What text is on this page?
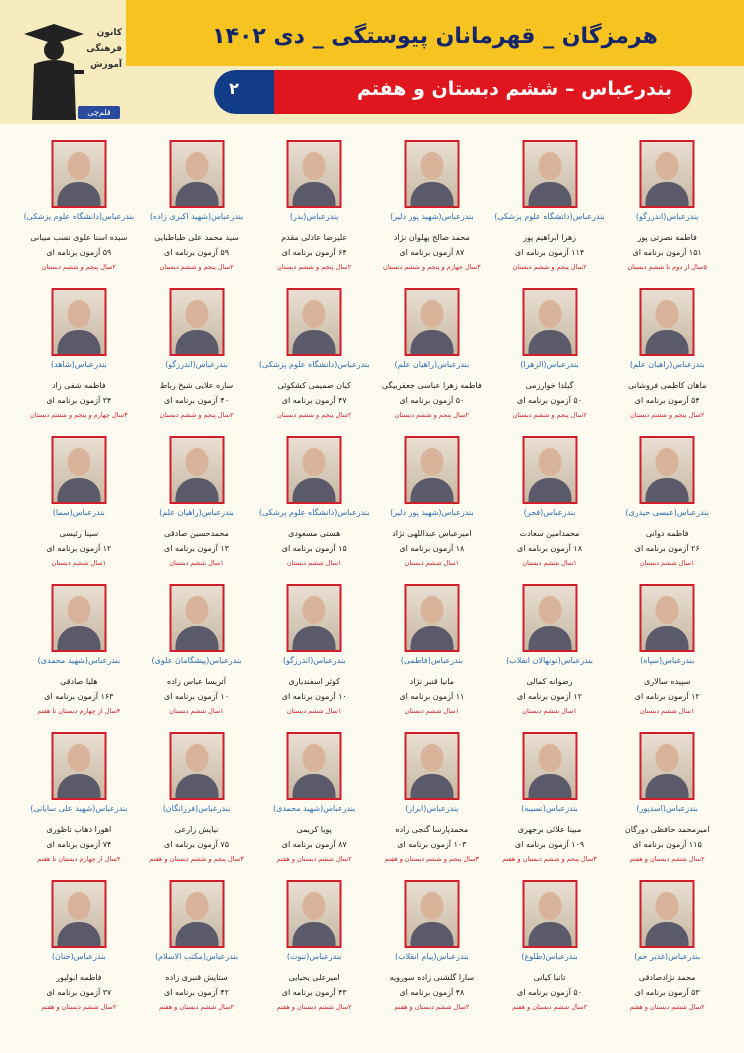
هرمزگان _ قهرمانان پیوستگی _ دی ۱۴۰۲
بندرعباس – ششم دبستان و هفتم
۲
کانون
فرهنگی
آموزش
قلم‌چی
بندرعباس(اندرزگو)
فاطمه نصرتی پور
۱۵۱ آزمون برنامه ای
۵سال از دوم تا ششم دبستان
بندرعباس(دانشگاه علوم پزشکی)
زهرا ابراهیم پور
۱۱۴ آزمون برنامه ای
۲سال پنجم و ششم دبستان
بندرعباس(شهید پور دلیر)
محمد صالح پهلوان نژاد
۸۷ آزمون برنامه ای
۳سال چهارم و پنجم و ششم دبستان
بندرعباس(بدر)
علیرضا عادلی مقدم
۶۴ آزمون برنامه ای
۲سال پنجم و ششم دبستان
بندرعباس(شهید اکبری زاده)
سید محمد علی طباطبایی
۵۹ آزمون برنامه ای
۲سال پنجم و ششم دبستان
بندرعباس(دانشگاه علوم پزشکی)
سیده اسنا علوی نسب میبانی
۵۹ آزمون برنامه ای
۲سال پنجم و ششم دبستان
بندرعباس(راهیان علم)
ماهان کاظمی فروشانی
۵۴ آزمون برنامه ای
۲سال پنجم و ششم دبستان
بندرعباس(الزهرا)
گیلدا خوارزمی
۵۰ آزمون برنامه ای
۲سال پنجم و ششم دبستان
بندرعباس(راهیان علم)
فاطمه زهرا عباسی جعفربیگی
۵۰ آزمون برنامه ای
۲سال پنجم و ششم دبستان
بندرعباس(دانشگاه علوم پزشکی)
کیان صمیمی کشکوئی
۴۷ آزمون برنامه ای
۲سال پنجم و ششم دبستان
بندرعباس(اندرزگو)
ساره علایی شیخ رباط
۴۰ آزمون برنامه ای
۲سال پنجم و ششم دبستان
بندرعباس(شاهد)
فاطمه شفی زاد
۳۴ آزمون برنامه ای
۳سال چهارم و پنجم و ششم دبستان
بندرعباس(عیسی حیدری)
فاطمه دوانی
۲۶ آزمون برنامه ای
۱سال ششم دبستان
بندرعباس(فجر)
محمدامین سعادت
۱۸ آزمون برنامه ای
۱سال ششم دبستان
بندرعباس(شهید پور دلیر)
امیرعباس عبداللهی نژاد
۱۸ آزمون برنامه ای
۱سال ششم دبستان
بندرعباس(دانشگاه علوم پزشکی)
هستی مسعودی
۱۵ آزمون برنامه ای
۱سال ششم دبستان
بندرعباس(راهیان علم)
محمدحسین صادقی
۱۳ آزمون برنامه ای
۱سال ششم دبستان
بندرعباس(سما)
سینا رئیسی
۱۲ آزمون برنامه ای
۱سال ششم دبستان
بندرعباس(سپاه)
سپیده سالاری
۱۲ آزمون برنامه ای
۱سال ششم دبستان
بندرعباس(نونهالان انقلاب)
رضوانه کمالی
۱۲ آزمون برنامه ای
۱سال ششم دبستان
بندرعباس(فاطمی)
مانیا قنبر نژاد
۱۱ آزمون برنامه ای
۱سال ششم دبستان
بندرعباس(اندرزگو)
کوثر اسفندیاری
۱۰ آزمون برنامه ای
۱سال ششم دبستان
بندرعباس(پیشگامان علوی)
آتریسا عباس زاده
۱۰ آزمون برنامه ای
۱سال ششم دبستان
بندرعباس(شهید محمدی)
هلیا صادقی
۱۶۳ آزمون برنامه ای
۴سال از چهارم دبستان تا هفتم
بندرعباس(اسدپور)
امیرمحمد حافظی دورگان
۱۱۵ آزمون برنامه ای
۲سال ششم دبستان و هفتم
بندرعباس(نسیبه)
مبینا علائی برجهری
۱۰۹ آزمون برنامه ای
۳سال پنجم و ششم دبستان و هفتم
بندرعباس(ابرار)
محمدپارسا گنجی زاده
۱۰۳ آزمون برنامه ای
۳سال پنجم و ششم دبستان و هفتم
بندرعباس(شهید محمدی)
پویا کریمی
۸۷ آزمون برنامه ای
۲سال ششم دبستان و هفتم
بندرعباس(فرزانگان)
نیایش زارعی
۷۵ آزمون برنامه ای
۳سال پنجم و ششم دبستان و هفتم
بندرعباس(شهید علی سایانی)
اهورا ذهاب ناظوری
۷۴ آزمون برنامه ای
۴سال از چهارم دبستان تا هفتم
بندرعباس(غدیر خم)
محمد نژادصادقی
۵۳ آزمون برنامه ای
۲سال ششم دبستان و هفتم
بندرعباس(طلوع)
تانیا کیانی
۵۰ آزمون برنامه ای
۲سال ششم دبستان و هفتم
بندرعباس(پیام انقلاب)
سارا گلشنی زاده سورویه
۴۸ آزمون برنامه ای
۲سال ششم دبستان و هفتم
بندرعباس(نبوت)
امیرعلی یحیایی
۴۳ آزمون برنامه ای
۲سال ششم دبستان و هفتم
بندرعباس(مکتب الاسلام)
ستایش قنبری زاده
۴۲ آزمون برنامه ای
۲سال ششم دبستان و هفتم
بندرعباس(حنان)
فاطمه ابولپور
۳۷ آزمون برنامه ای
۲سال ششم دبستان و هفتم
